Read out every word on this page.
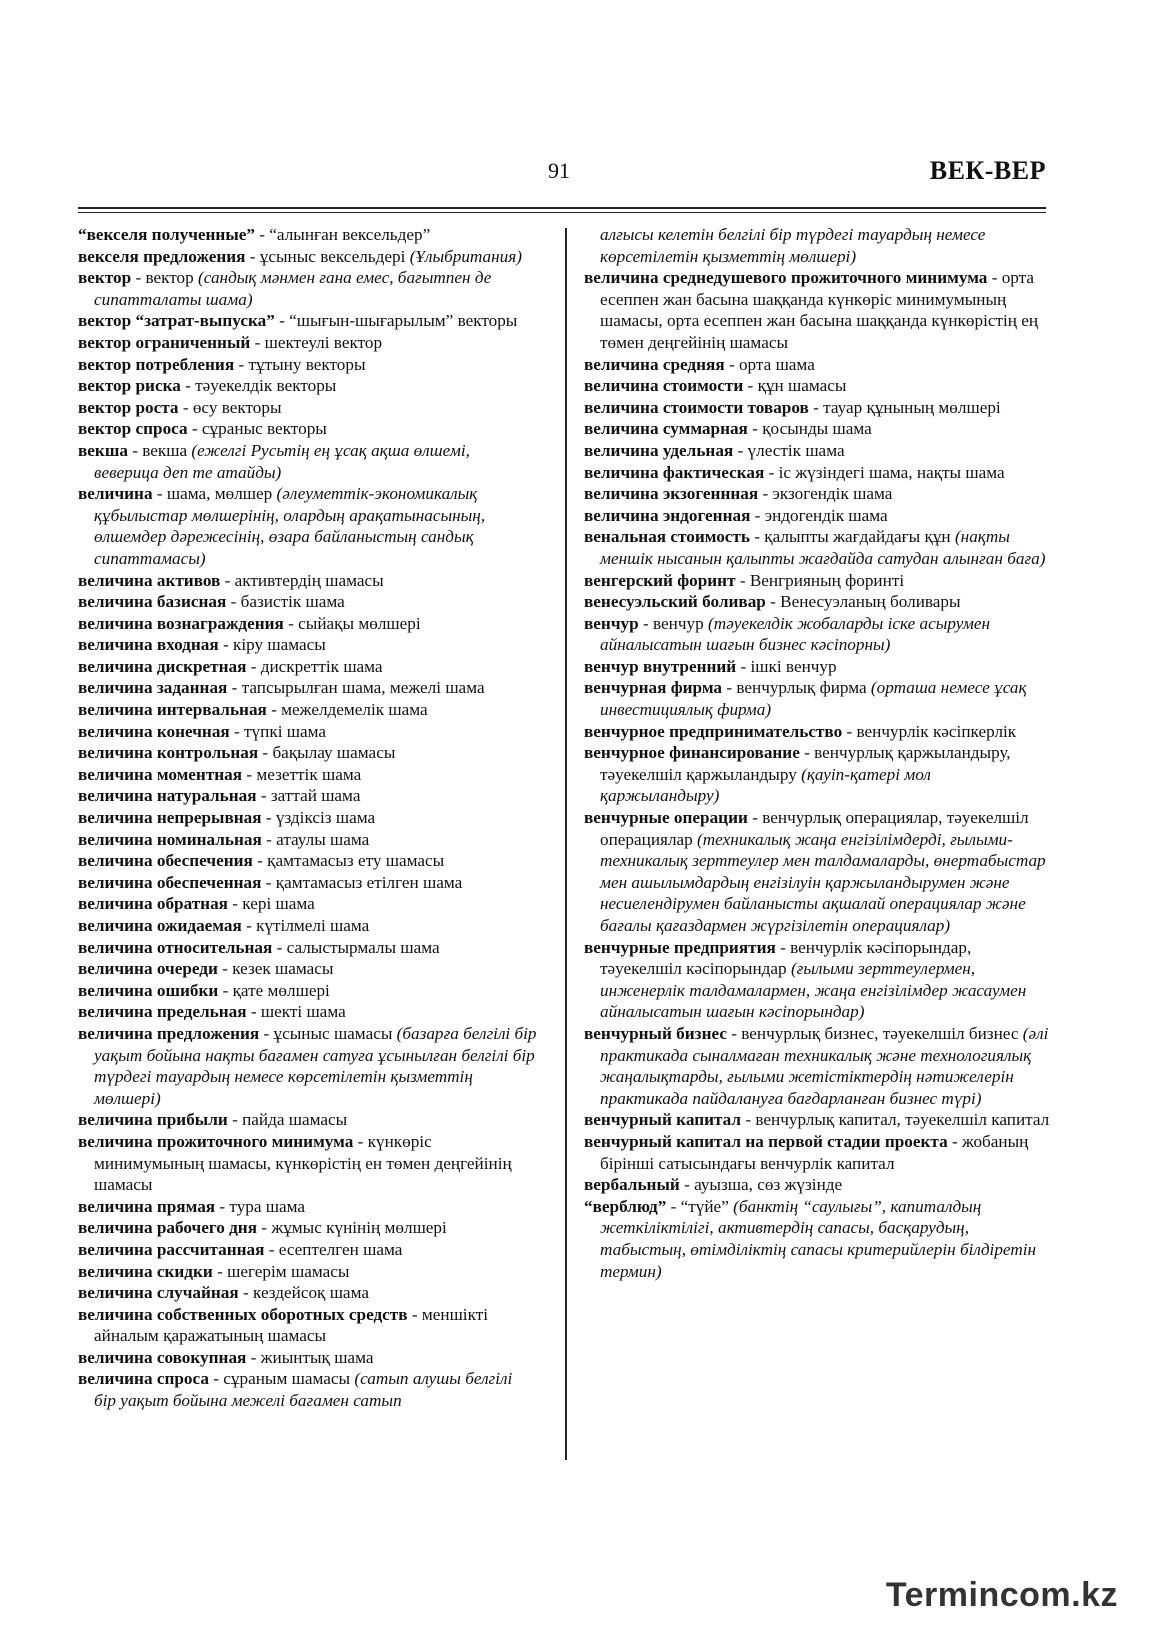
91	ВЕК-ВЕР

“векселя полученные” - “алынған вексельдер”

векселя предложения - ұсыныс вексельдері (Ұлыбритания)

вектор - вектор (сандық мәнмен ғана емес, бағытпен де сипатталаты шама)

вектор “затрат-выпуска” - “шығын-шығарылым” векторы

вектор ограниченный - шектеулі вектор

вектор потребления - тұтыну векторы

вектор риска - тәуекелдік векторы

вектор роста - өсу векторы

вектор спроса - сұраныс векторы

векша - векша (ежелгі Русьтің ең ұсақ ақша өлшемі, веверица деп те атайды)

величина - шама, мөлшер (әлеуметтік-экономикалық құбылыстар мөлшерінің, олардың арақатынасының, өлшемдер дәрежесінің, өзара байланыстың сандық сипаттамасы)

величина активов - активтердің шамасы

величина базисная - базистік шама

величина вознаграждения - сыйақы мөлшері

величина входная - кіру шамасы

величина дискретная - дискреттік шама

величина заданная - тапсырылған шама, межелі шама

величина интервальная - межелдемелік шама

величина конечная - түпкі шама

величина контрольная - бақылау шамасы

величина моментная - мезеттік шама

величина натуральная - заттай шама

величина непрерывная - үздіксіз шама

величина номинальная - атаулы шама

величина обеспечения - қамтамасыз ету шамасы

величина обеспеченная - қамтамасыз етілген шама

величина обратная - кері шама

величина ожидаемая - күтілмелі шама

величина относительная - салыстырмалы шама

величина очереди - кезек шамасы

величина ошибки - қате мөлшері

величина предельная - шекті шама

величина предложения - ұсыныс шамасы (базарға белгілі бір уақыт бойына нақты бағамен сатуға ұсынылған белгілі бір түрдегі тауардың немесе көрсетілетін қызметтің мөлшері)

величина прибыли - пайда шамасы

величина прожиточного минимума - күнкөріс минимумының шамасы, күнкөрістің ен төмен деңгейінің шамасы

величина прямая - тура шама

величина рабочего дня - жұмыс күнінің мөлшері

величина рассчитанная - есептелген шама

величина скидки - шегерім шамасы

величина случайная - кездейсоқ шама

величина собственных оборотных средств - меншікті айналым қаражатының шамасы

величина совокупная - жиынтық шама

величина спроса - сұраным шамасы (сатып алушы белгілі бір уақыт бойына межелі бағамен сатып

алғысы келетін белгілі бір түрдегі тауардың немесе көрсетілетін қызметтің мөлшері)

величина среднедушевого прожиточного минимума - орта есеппен жан басына шаққанда күнкөріс минимумының шамасы, орта есеппен жан басына шаққанда күнкөрістің ең төмен деңгейінің шамасы

величина средняя - орта шама

величина стоимости - құн шамасы

величина стоимости товаров - тауар құнының мөлшері

величина суммарная - қосынды шама

величина удельная - үлестік шама

величина фактическая - іс жүзіндегі шама, нақты шама

величина экзогеннная - экзогендік шама

величина эндогенная - эндогендік шама

венальная стоимость - қалыпты жағдайдағы құн (нақты меншік нысанын қалыпты жағдайда сатудан алынған баға)

венгерский форинт - Венгрияның форинті

венесуэльский боливар - Венесуэланың боливары

венчур - венчур (тәуекелдік жобаларды іске асырумен айналысатын шағын бизнес кәсіпорны)

венчур внутренний - ішкі венчур

венчурная фирма - венчурлық фирма (орташа немесе ұсақ инвестициялық фирма)

венчурное предпринимательство - венчурлік кәсіпкерлік

венчурное финансирование - венчурлық қаржыландыру, тәуекелшіл қаржыландыру (қауіп-қатері мол қаржыландыру)

венчурные операции - венчурлық операциялар, тәуекелшіл операциялар (техникалық жаңа енгізілімдерді, ғылыми-техникалық зерттеулер мен талдамаларды, өнертабыстар мен ашылымдардың енгізілуін қаржыландырумен және несиелендірумен байланысты ақшалай операциялар және бағалы қағаздармен жүргізілетін операциялар)

венчурные предприятия - венчурлік кәсіпорындар, тәуекелшіл кәсіпорындар (ғылыми зерттеулермен, инженерлік талдамалармен, жаңа енгізілімдер жасаумен айналысатын шағын кәсіпорындар)

венчурный бизнес - венчурлық бизнес, тәуекелшіл бизнес (әлі практикада сыналмаған техникалық және технологиялық жаңалықтарды, ғылыми жетістіктердің нәтижелерін практикада пайдалануға бағдарланған бизнес түрі)

венчурный капитал - венчурлық капитал, тәуекелшіл капитал

венчурный капитал на первой стадии проекта - жобаның бірінші сатысындағы венчурлік капитал

вербальный - ауызша, сөз жүзінде

“верблюд” - “түйе” (банктің “саулығы”, капиталдың жеткіліктілігі, активтердің сапасы, басқарудың, табыстың, өтімділіктің сапасы критерийлерін білдіретін термин)

Termincom.kz
